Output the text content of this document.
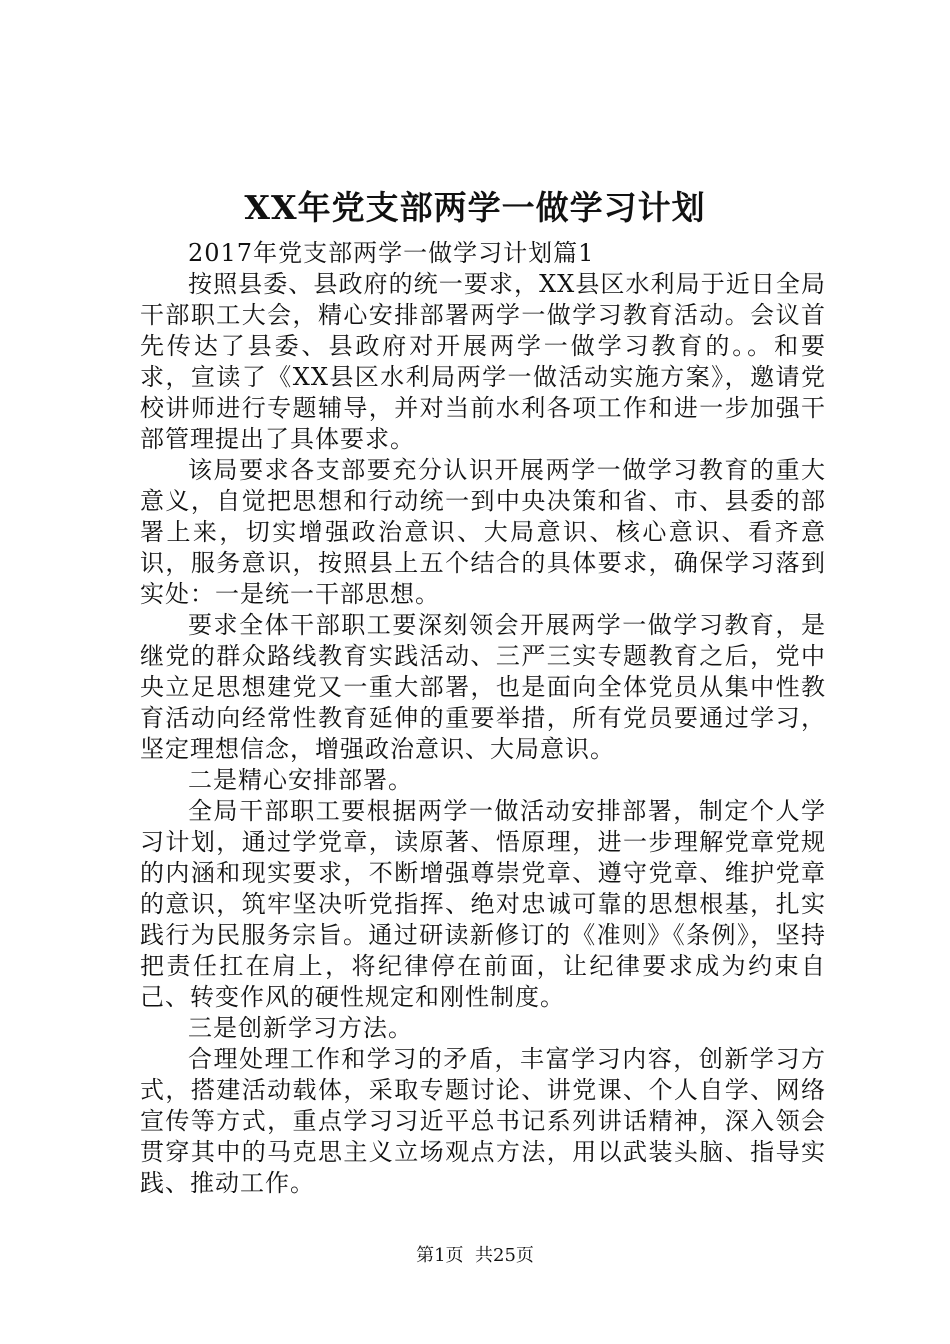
XX年党支部两学一做学习计划

2017年党支部两学一做学习计划篇1

按照县委、县政府的统一要求，XX县区水利局于近日全局干部职工大会，精心安排部署两学一做学习教育活动。会议首先传达了县委、县政府对开展两学一做学习教育的。。和要求，宣读了《XX县区水利局两学一做活动实施方案》，邀请党校讲师进行专题辅导，并对当前水利各项工作和进一步加强干部管理提出了具体要求。

该局要求各支部要充分认识开展两学一做学习教育的重大意义，自觉把思想和行动统一到中央决策和省、市、县委的部署上来，切实增强政治意识、大局意识、核心意识、看齐意识，服务意识，按照县上五个结合的具体要求，确保学习落到实处：一是统一干部思想。

要求全体干部职工要深刻领会开展两学一做学习教育，是继党的群众路线教育实践活动、三严三实专题教育之后，党中央立足思想建党又一重大部署，也是面向全体党员从集中性教育活动向经常性教育延伸的重要举措，所有党员要通过学习，坚定理想信念，增强政治意识、大局意识。

二是精心安排部署。

全局干部职工要根据两学一做活动安排部署，制定个人学习计划，通过学党章，读原著、悟原理，进一步理解党章党规的内涵和现实要求，不断增强尊崇党章、遵守党章、维护党章的意识，筑牢坚决听党指挥、绝对忠诚可靠的思想根基，扎实践行为民服务宗旨。通过研读新修订的《准则》《条例》，坚持把责任扛在肩上，将纪律停在前面，让纪律要求成为约束自己、转变作风的硬性规定和刚性制度。

三是创新学习方法。

合理处理工作和学习的矛盾，丰富学习内容，创新学习方式，搭建活动载体，采取专题讨论、讲党课、个人自学、网络宣传等方式，重点学习习近平总书记系列讲话精神，深入领会贯穿其中的马克思主义立场观点方法，用以武装头脑、指导实践、推动工作。

第1页 共25页
